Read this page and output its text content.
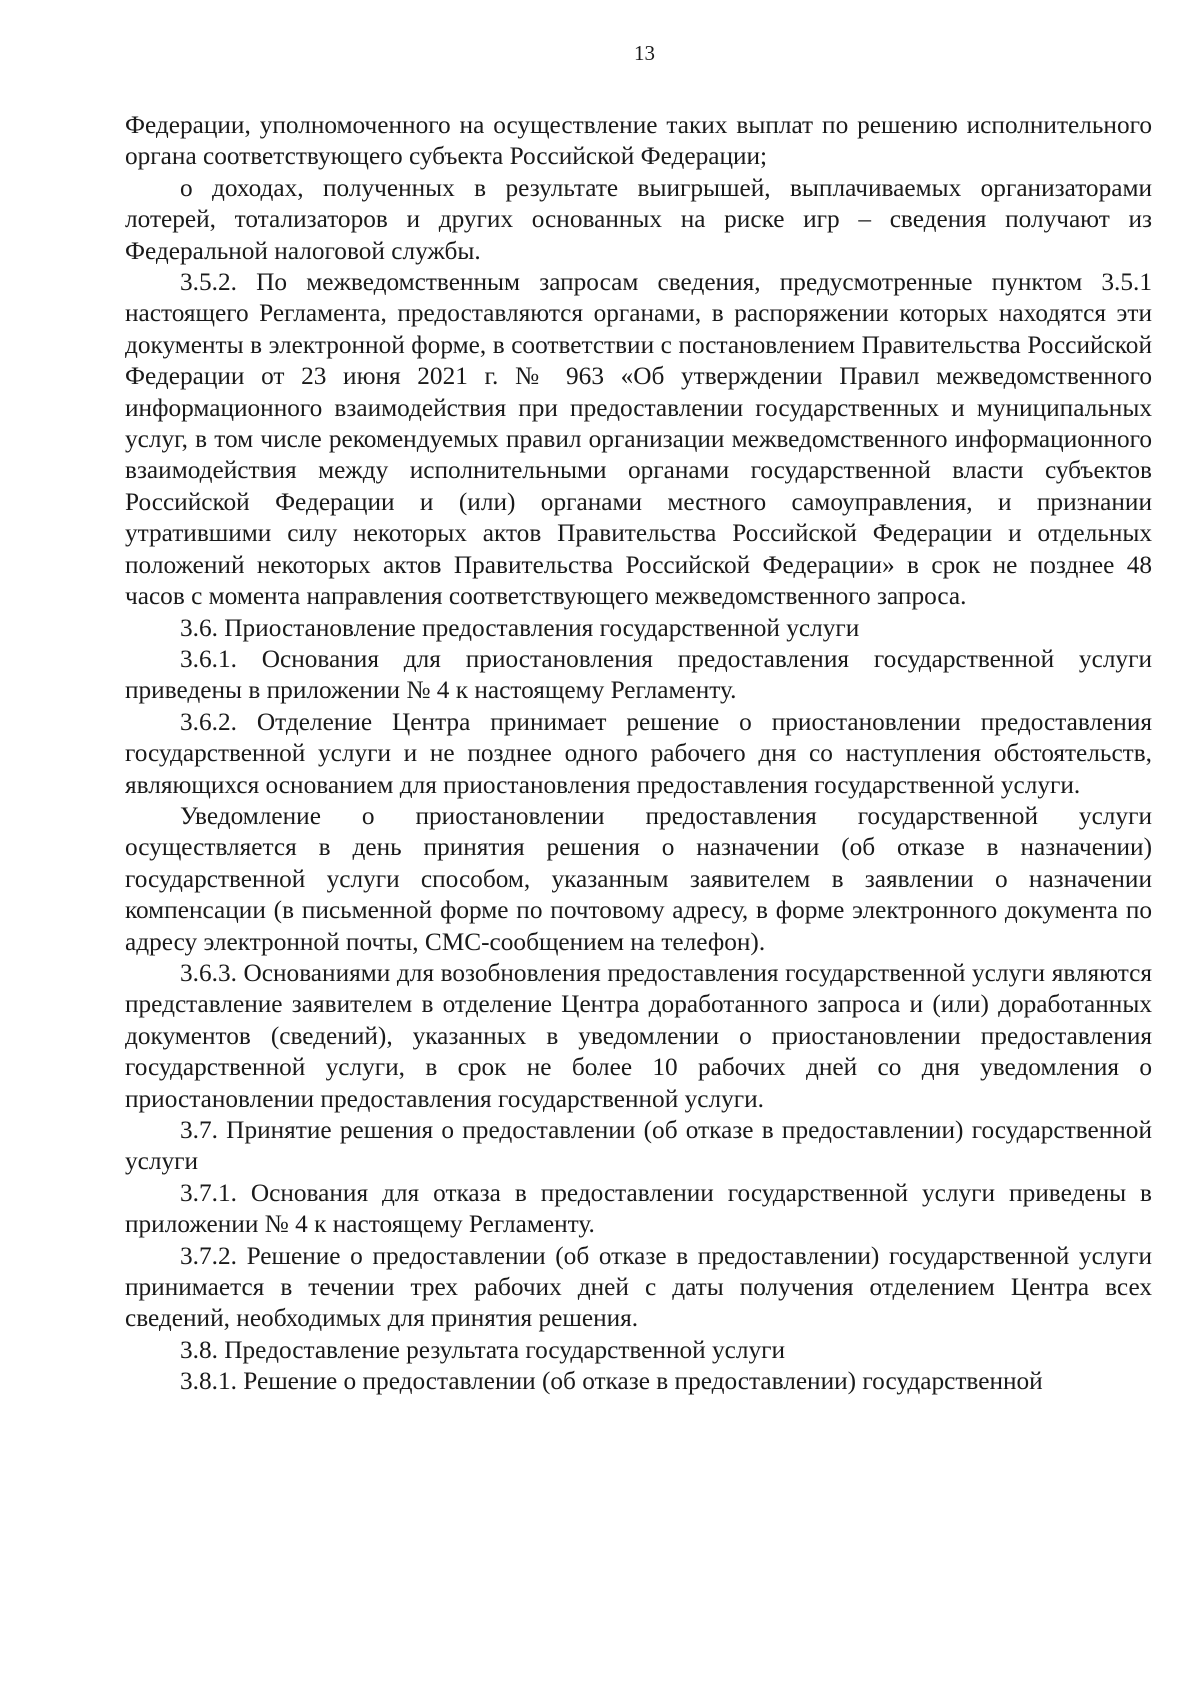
13

Федерации, уполномоченного на осуществление таких выплат по решению исполнительного органа соответствующего субъекта Российской Федерации;

о доходах, полученных в результате выигрышей, выплачиваемых организаторами лотерей, тотализаторов и других основанных на риске игр – сведения получают из Федеральной налоговой службы.

3.5.2. По межведомственным запросам сведения, предусмотренные пунктом 3.5.1 настоящего Регламента, предоставляются органами, в распоряжении которых находятся эти документы в электронной форме, в соответствии с постановлением Правительства Российской Федерации от 23 июня 2021 г. № 963 «Об утверждении Правил межведомственного информационного взаимодействия при предоставлении государственных и муниципальных услуг, в том числе рекомендуемых правил организации межведомственного информационного взаимодействия между исполнительными органами государственной власти субъектов Российской Федерации и (или) органами местного самоуправления, и признании утратившими силу некоторых актов Правительства Российской Федерации и отдельных положений некоторых актов Правительства Российской Федерации» в срок не позднее 48 часов с момента направления соответствующего межведомственного запроса.

3.6. Приостановление предоставления государственной услуги

3.6.1. Основания для приостановления предоставления государственной услуги приведены в приложении № 4 к настоящему Регламенту.

3.6.2. Отделение Центра принимает решение о приостановлении предоставления государственной услуги и не позднее одного рабочего дня со наступления обстоятельств, являющихся основанием для приостановления предоставления государственной услуги.

Уведомление о приостановлении предоставления государственной услуги осуществляется в день принятия решения о назначении (об отказе в назначении) государственной услуги способом, указанным заявителем в заявлении о назначении компенсации (в письменной форме по почтовому адресу, в форме электронного документа по адресу электронной почты, СМС-сообщением на телефон).

3.6.3. Основаниями для возобновления предоставления государственной услуги являются представление заявителем в отделение Центра доработанного запроса и (или) доработанных документов (сведений), указанных в уведомлении о приостановлении предоставления государственной услуги, в срок не более 10 рабочих дней со дня уведомления о приостановлении предоставления государственной услуги.

3.7. Принятие решения о предоставлении (об отказе в предоставлении) государственной услуги

3.7.1. Основания для отказа в предоставлении государственной услуги приведены в приложении № 4 к настоящему Регламенту.

3.7.2. Решение о предоставлении (об отказе в предоставлении) государственной услуги принимается в течении трех рабочих дней с даты получения отделением Центра всех сведений, необходимых для принятия решения.

3.8. Предоставление результата государственной услуги

3.8.1. Решение о предоставлении (об отказе в предоставлении) государственной
